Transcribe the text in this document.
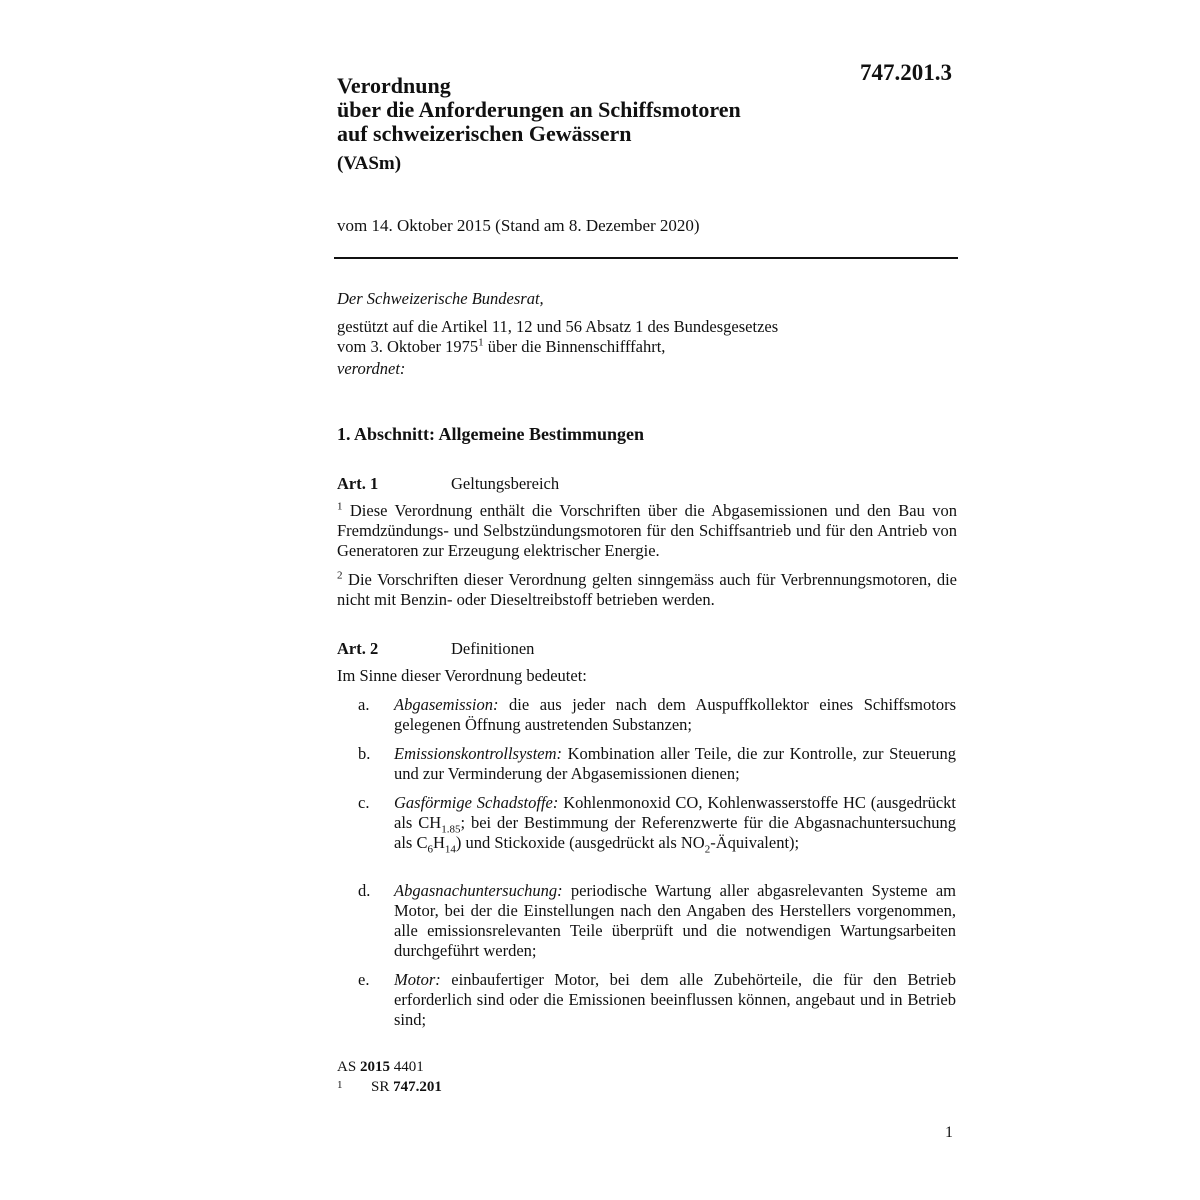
747.201.3
Verordnung
über die Anforderungen an Schiffsmotoren
auf schweizerischen Gewässern
(VASm)
vom 14. Oktober 2015 (Stand am 8. Dezember 2020)
Der Schweizerische Bundesrat,
gestützt auf die Artikel 11, 12 und 56 Absatz 1 des Bundesgesetzes
vom 3. Oktober 1975$^1$ über die Binnenschifffahrt,
verordnet:
1. Abschnitt: Allgemeine Bestimmungen
Art. 1	Geltungsbereich
$^1$ Diese Verordnung enthält die Vorschriften über die Abgasemissionen und den Bau von Fremdzündungs- und Selbstzündungsmotoren für den Schiffsantrieb und für den Antrieb von Generatoren zur Erzeugung elektrischer Energie.
$^2$ Die Vorschriften dieser Verordnung gelten sinngemäss auch für Verbrennungsmotoren, die nicht mit Benzin- oder Dieseltreibstoff betrieben werden.
Art. 2	Definitionen
Im Sinne dieser Verordnung bedeutet:
a. Abgasemission: die aus jeder nach dem Auspuffkollektor eines Schiffsmotors gelegenen Öffnung austretenden Substanzen;
b. Emissionskontrollsystem: Kombination aller Teile, die zur Kontrolle, zur Steuerung und zur Verminderung der Abgasemissionen dienen;
c. Gasförmige Schadstoffe: Kohlenmonoxid CO, Kohlenwasserstoffe HC (ausgedrückt als $CH_{1.85}$; bei der Bestimmung der Referenzwerte für die Abgasnachuntersuchung als $C_6H_{14}$) und Stickoxide (ausgedrückt als $NO_2-Äquivalent$);
d. Abgasnachuntersuchung: periodische Wartung aller abgasrelevanten Systeme am Motor, bei der die Einstellungen nach den Angaben des Herstellers vorgenommen, alle emissionsrelevanten Teile überprüft und die notwendigen Wartungsarbeiten durchgeführt werden;
e. Motor: einbaufertiger Motor, bei dem alle Zubehörteile, die für den Betrieb erforderlich sind oder die Emissionen beeinflussen können, angebaut und in Betrieb sind;
AS 2015 4401
1 SR 747.201
1
